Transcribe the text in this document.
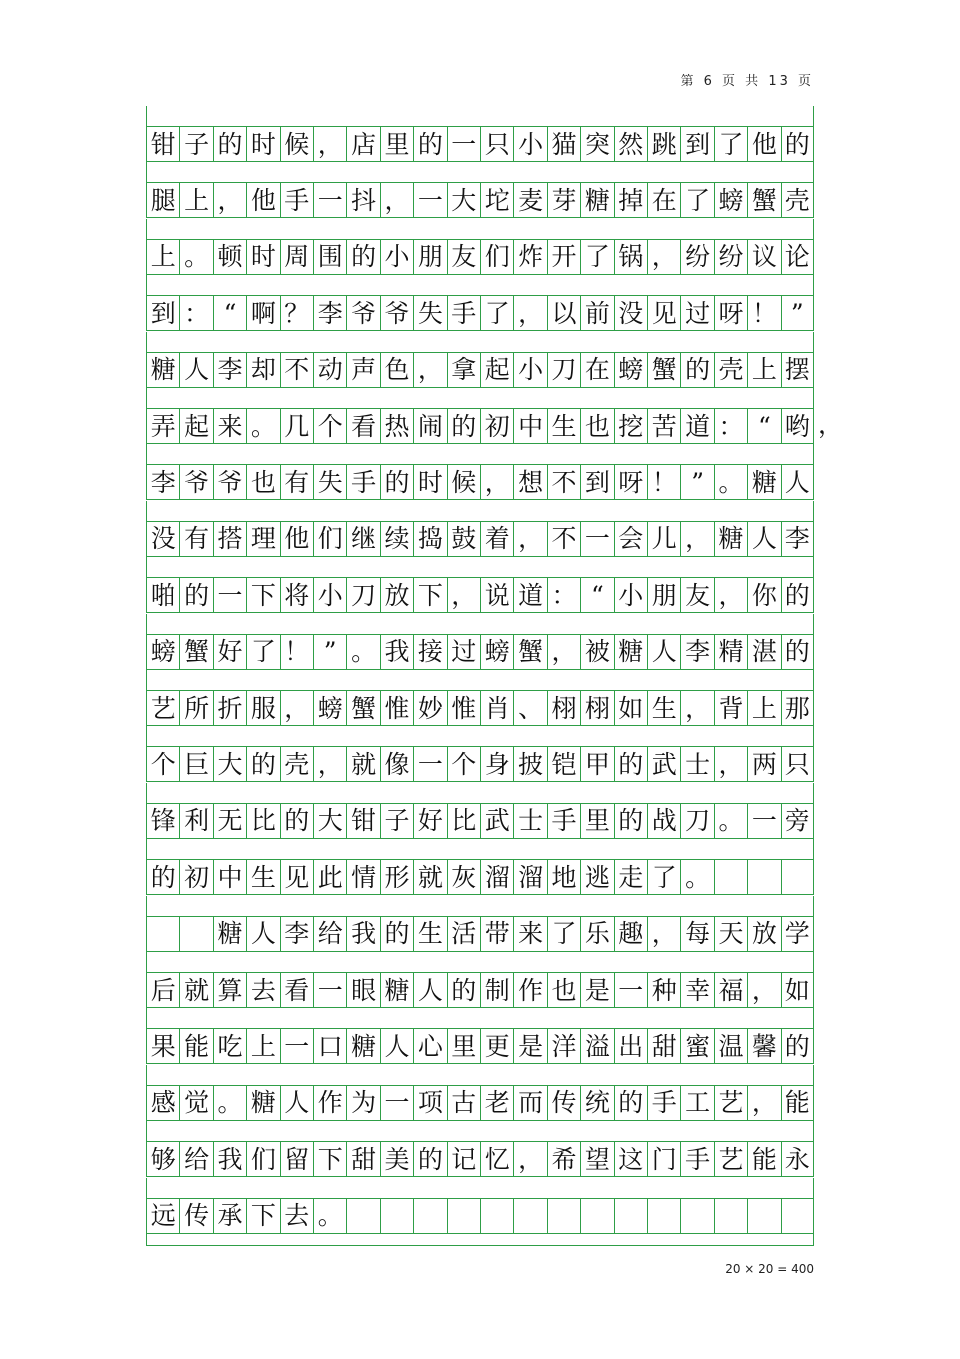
第 6 页 共 13 页
钳 子 的 时 候 ， 店 里 的 一 只 小 猫 突 然 跳 到 了 他 的
腿 上 ， 他 手 一 抖 ， 一 大 坨 麦 芽 糖 掉 在 了 螃 蟹 壳
上 。 顿 时 周 围 的 小 朋 友 们 炸 开 了 锅 ， 纷 纷 议 论
到 ： “ 啊 ？ 李 爷 爷 失 手 了 ， 以 前 没 见 过 呀 ！ ”
糖 人 李 却 不 动 声 色 ， 拿 起 小 刀 在 螃 蟹 的 壳 上 摆
弄 起 来 。 几 个 看 热 闹 的 初 中 生 也 挖 苦 道 ： “ 哟
李 爷 爷 也 有 失 手 的 时 候 ， 想 不 到 呀 ！ ” 。 糖 人
没 有 搭 理 他 们 继 续 捣 鼓 着 ， 不 一 会 儿 ， 糖 人 李
啪 的 一 下 将 小 刀 放 下 ， 说 道 ： “ 小 朋 友 ， 你 的
螃 蟹 好 了 ！ ” 。 我 接 过 螃 蟹 ， 被 糖 人 李 精 湛 的
艺 所 折 服 ， 螃 蟹 惟 妙 惟 肖 、 栩 栩 如 生 ， 背 上 那
个 巨 大 的 壳 ， 就 像 一 个 身 披 铠 甲 的 武 士 ， 两 只
锋 利 无 比 的 大 钳 子 好 比 武 士 手 里 的 战 刀 。 一 旁
的 初 中 生 见 此 情 形 就 灰 溜 溜 地 逃 走 了 。
糖 人 李 给 我 的 生 活 带 来 了 乐 趣 ， 每 天 放 学
后 就 算 去 看 一 眼 糖 人 的 制 作 也 是 一 种 幸 福 ， 如
果 能 吃 上 一 口 糖 人 心 里 更 是 洋 溢 出 甜 蜜 温 馨 的
感 觉 。 糖 人 作 为 一 项 古 老 而 传 统 的 手 工 艺 ， 能
够 给 我 们 留 下 甜 美 的 记 忆 ， 希 望 这 门 手 艺 能 永
远 传 承 下 去 。
，
20 × 20 = 400
